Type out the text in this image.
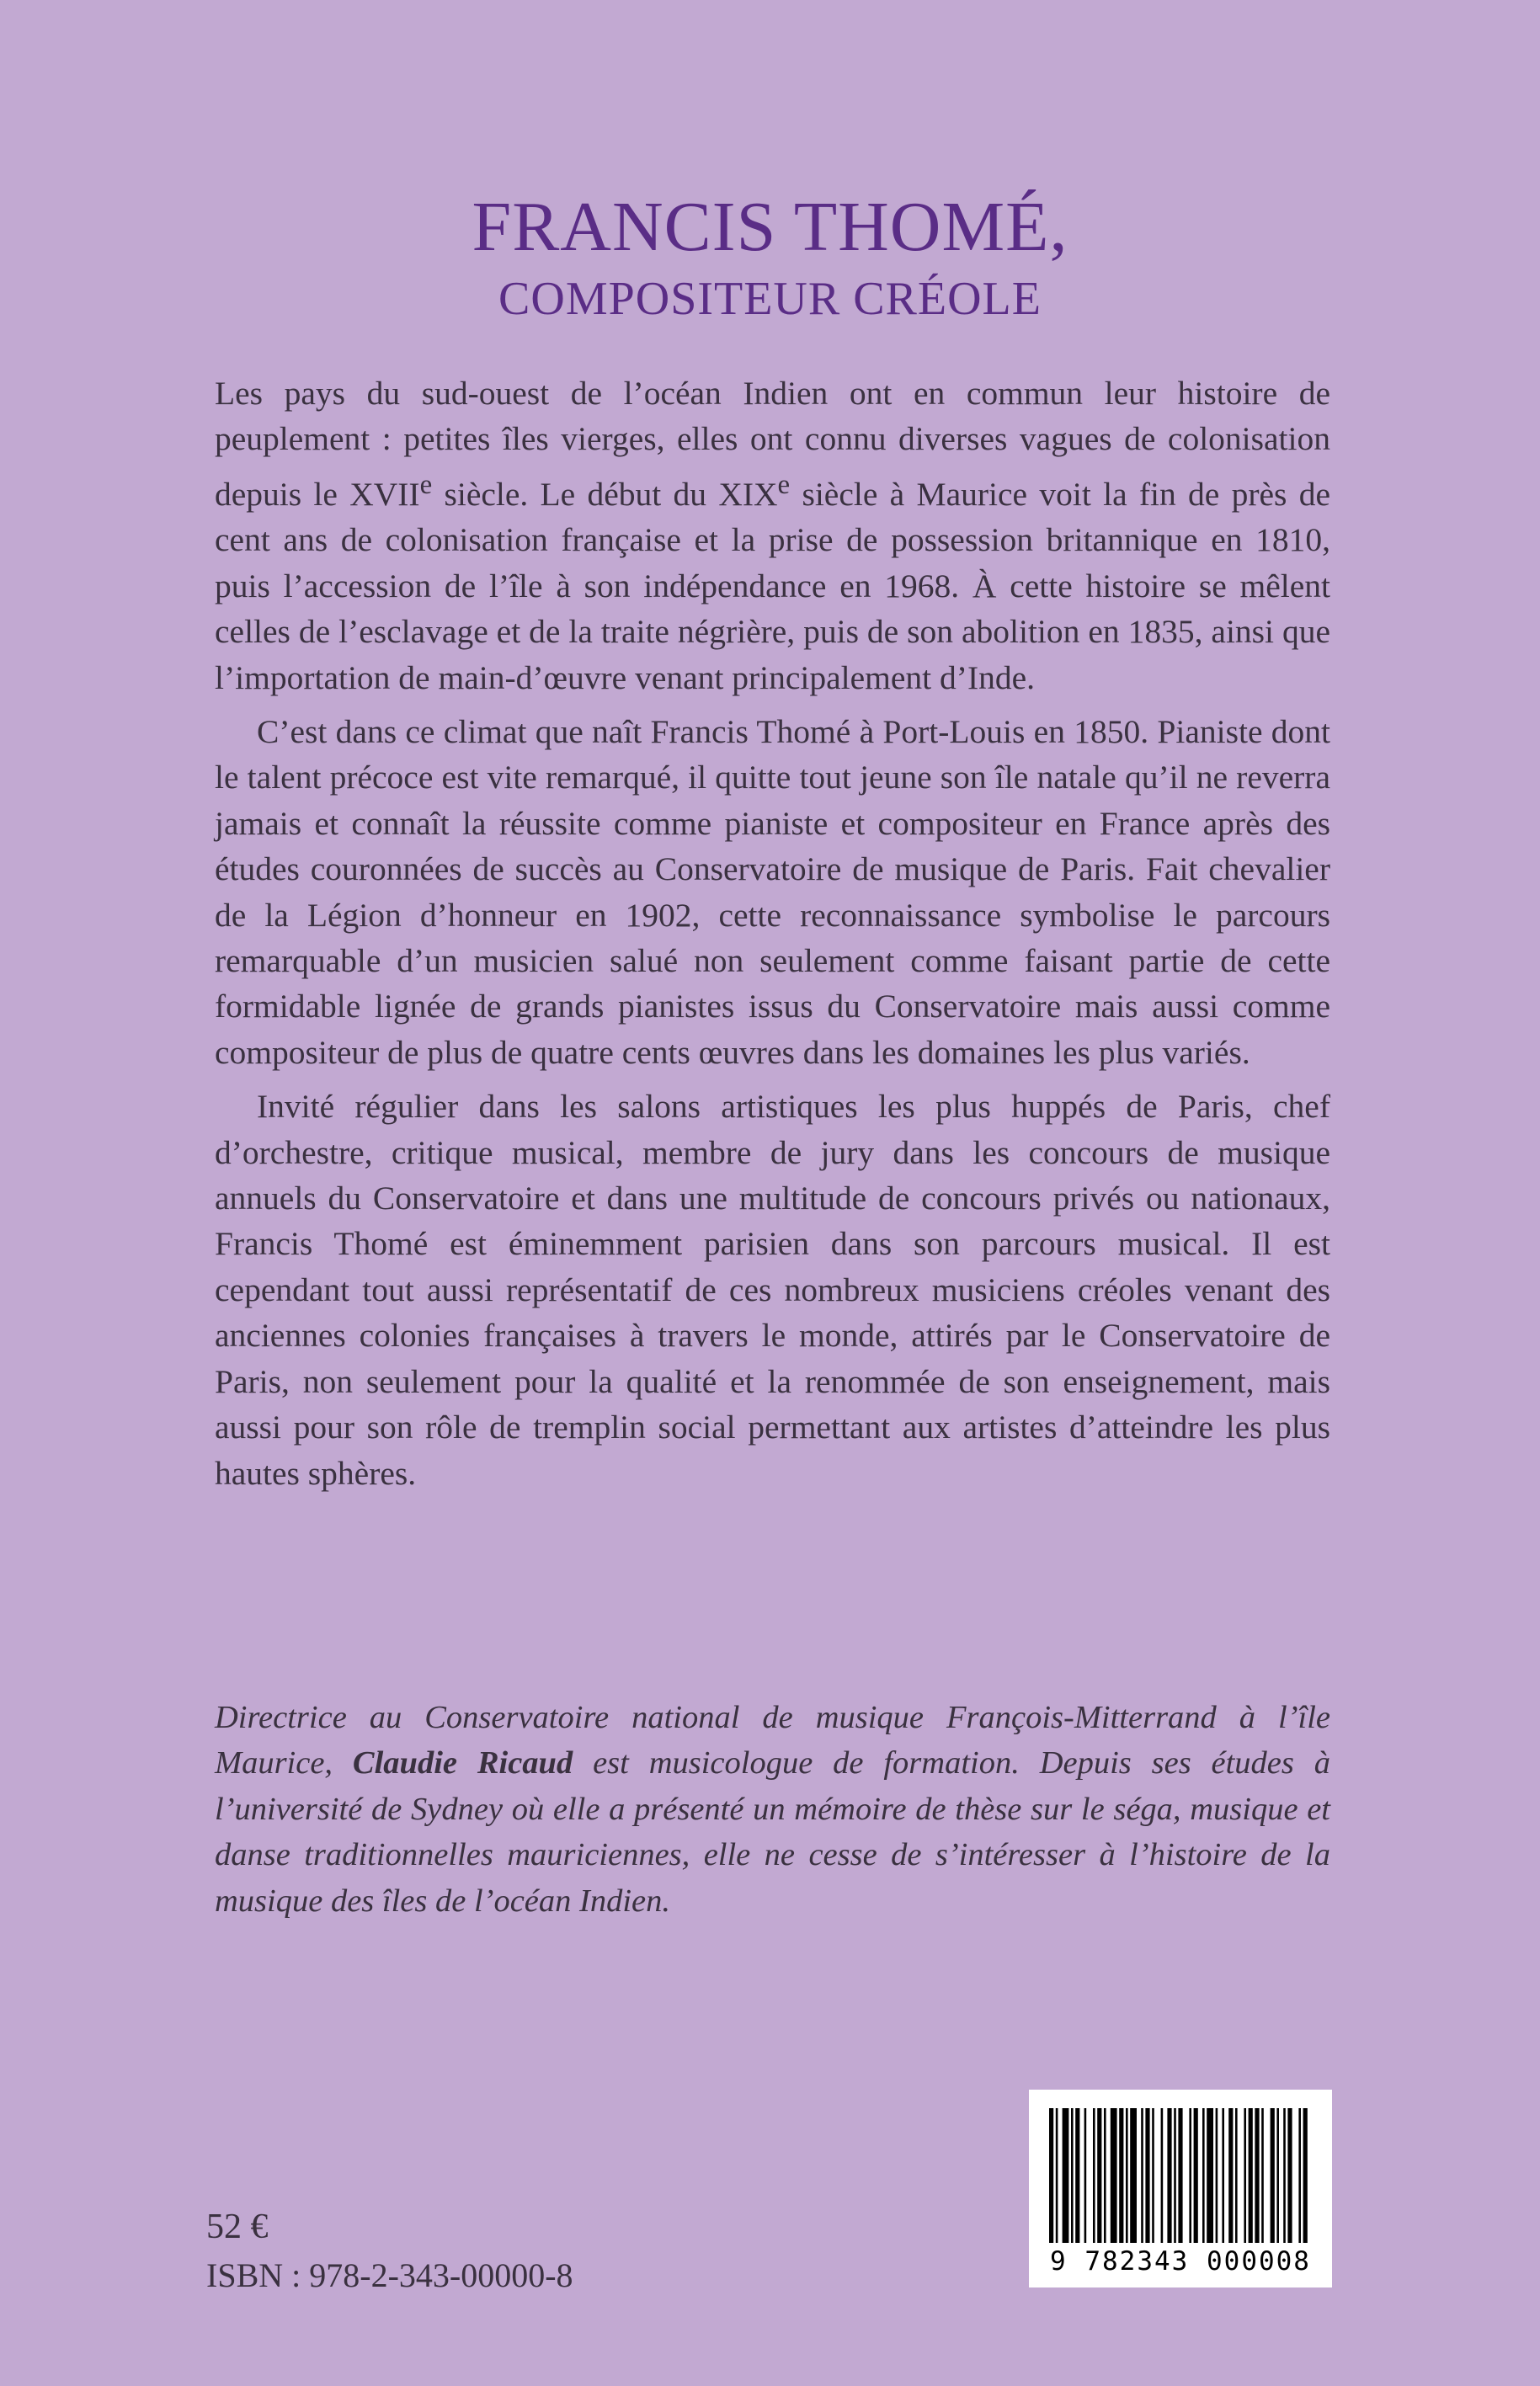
FRANCIS THOMÉ,
COMPOSITEUR CRÉOLE

Les pays du sud-ouest de l’océan Indien ont en commun leur histoire de peuplement : petites îles vierges, elles ont connu diverses vagues de colonisation depuis le XVIIe siècle. Le début du XIXe siècle à Maurice voit la fin de près de cent ans de colonisation française et la prise de possession britannique en 1810, puis l’accession de l’île à son indépendance en 1968. À cette histoire se mêlent celles de l’esclavage et de la traite négrière, puis de son abolition en 1835, ainsi que l’importation de main-d’œuvre venant principalement d’Inde.

C’est dans ce climat que naît Francis Thomé à Port-Louis en 1850. Pianiste dont le talent précoce est vite remarqué, il quitte tout jeune son île natale qu’il ne reverra jamais et connaît la réussite comme pianiste et compositeur en France après des études couronnées de succès au Conservatoire de musique de Paris. Fait chevalier de la Légion d’honneur en 1902, cette reconnaissance symbolise le parcours remarquable d’un musicien salué non seulement comme faisant partie de cette formidable lignée de grands pianistes issus du Conservatoire mais aussi comme compositeur de plus de quatre cents œuvres dans les domaines les plus variés.

Invité régulier dans les salons artistiques les plus huppés de Paris, chef d’orchestre, critique musical, membre de jury dans les concours de musique annuels du Conservatoire et dans une multitude de concours privés ou nationaux, Francis Thomé est éminemment parisien dans son parcours musical. Il est cependant tout aussi représentatif de ces nombreux musiciens créoles venant des anciennes colonies françaises à travers le monde, attirés par le Conservatoire de Paris, non seulement pour la qualité et la renommée de son enseignement, mais aussi pour son rôle de tremplin social permettant aux artistes d’atteindre les plus hautes sphères.

Directrice au Conservatoire national de musique François-Mitterrand à l’île Maurice, Claudie Ricaud est musicologue de formation. Depuis ses études à l’université de Sydney où elle a présenté un mémoire de thèse sur le séga, musique et danse traditionnelles mauriciennes, elle ne cesse de s’intéresser à l’histoire de la musique des îles de l’océan Indien.
52 €
ISBN : 978-2-343-00000-8	9 782343 000008
